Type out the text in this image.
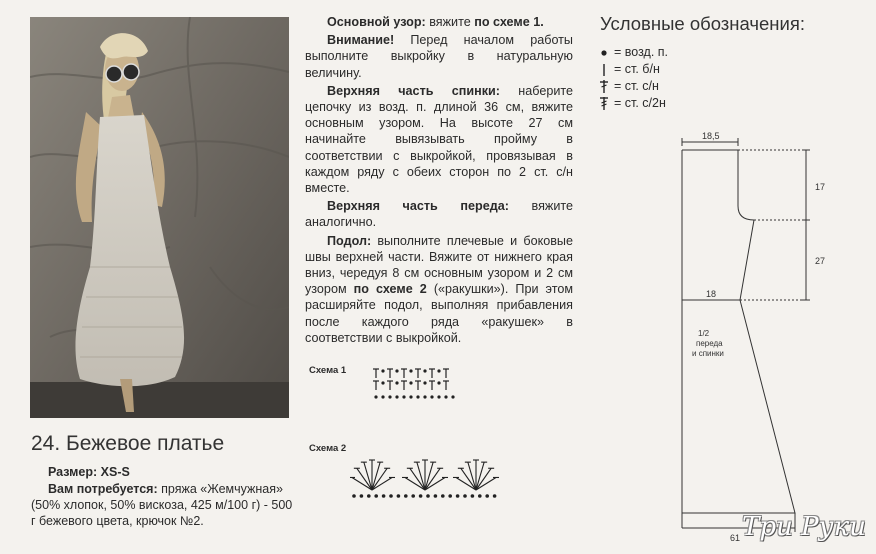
24. Бежевое платье

Размер: XS-S

Вам потребуется: пряжа «Жемчужная» (50% хлопок, 50% вискоза, 425 м/100 г) - 500 г бежевого цвета, крючок №2.

Основной узор: вяжите по схеме 1.

Внимание! Перед началом работы выполните выкройку в натуральную величину.

Верхняя часть спинки: наберите цепочку из возд. п. длиной 36 см, вяжите основным узором. На высоте 27 см начинайте вывязывать пройму в соответствии с выкройкой, провязывая в каждом ряду с обеих сторон по 2 ст. с/н вместе.

Верхняя часть переда: вяжите аналогично.

Подол: выполните плечевые и боковые швы верхней части. Вяжите от нижнего края вниз, чередуя 8 см основным узором и 2 см узором по схеме 2 («ракушки»). При этом расширяйте подол, выполняя прибавления после каждого ряда «ракушек» в соответствии с выкройкой.

Схема 1
Схема 2
Условные обозначения:
= возд. п.
= ст. б/н
= ст. с/н
= ст. с/2н
18,5
17
27
18
1/2
переда
и спинки
61 Три Руки
